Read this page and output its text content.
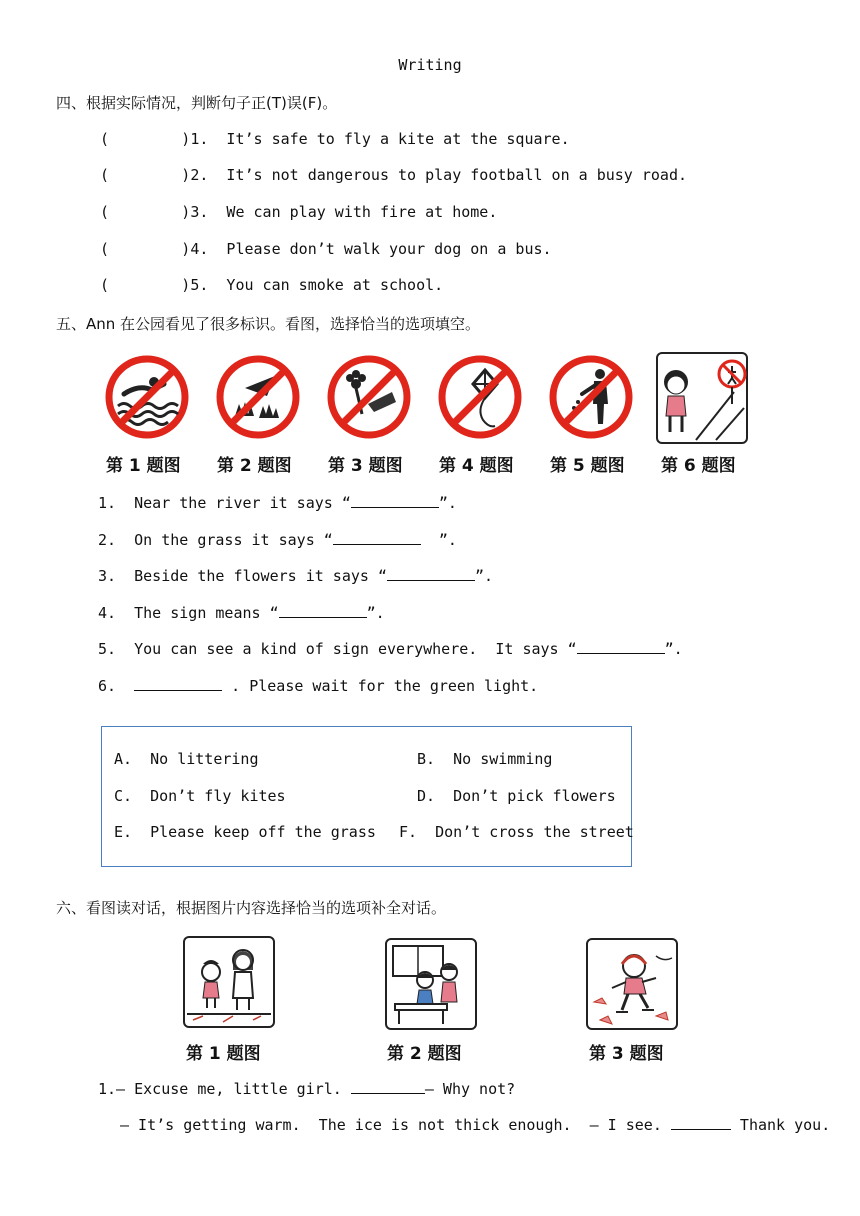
Writing
四、根据实际情况，判断句子正(T)误(F)。
(        )1.  It’s safe to fly a kite at the square.
(        )2.  It’s not dangerous to play football on a busy road.
(        )3.  We can play with fire at home.
(        )4.  Please don’t walk your dog on a bus.
(        )5.  You can smoke at school.
五、Ann 在公园看见了很多标识。看图，选择恰当的选项填空。
第 1 题图 第 2 题图 第 3 题图 第 4 题图 第 5 题图 第 6 题图
1.  Near the river it says “	”.
2.  On the grass it says “	”.
3.  Beside the flowers it says “	”.
4.  The sign means “	”.
5.  You can see a kind of sign everywhere.  It says “	”.
6.	. Please wait for the green light.
A.  No littering	B.  No swimming
C.  Don’t fly kites	D.  Don’t pick flowers
E.  Please keep off the grass F.  Don’t cross the street
六、看图读对话，根据图片内容选择恰当的选项补全对话。
第 1 题图	第 2 题图	第 3 题图
1.— Excuse me, little girl.	— Why not?
— It’s getting warm.  The ice is not thick enough.  — I see.	Thank you.
